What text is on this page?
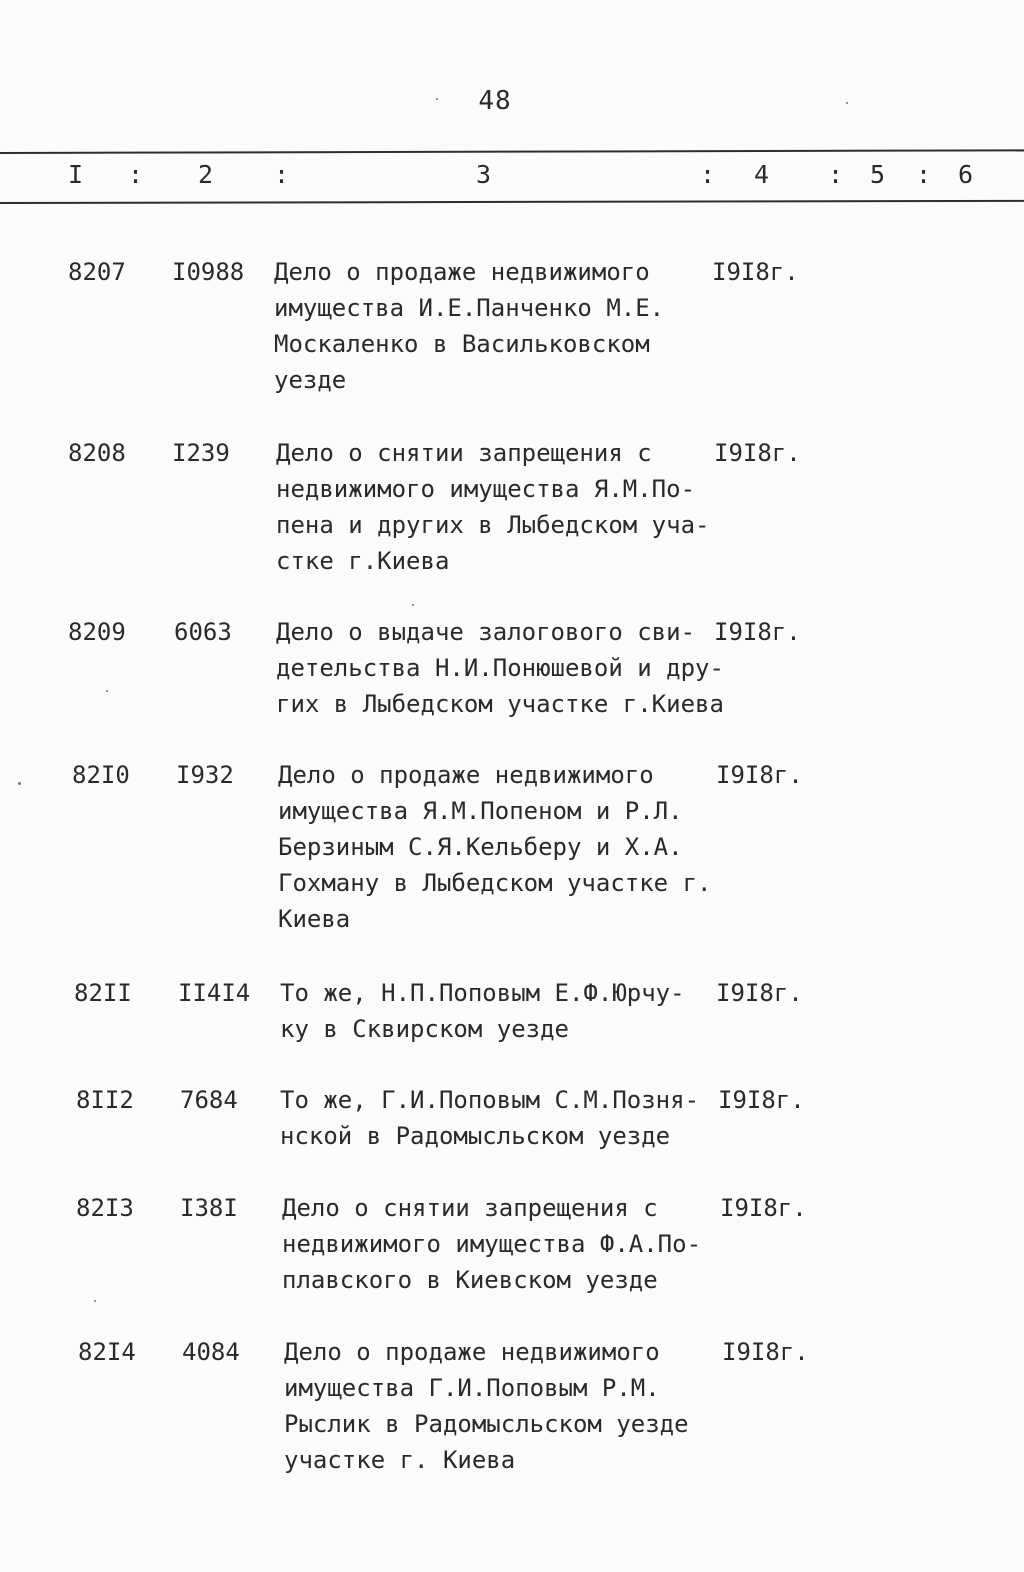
48
I : 2 :	3	: 4 : 5 : 6
8207 I0988 Дело о продаже недвижимого
имущества И.Е.Панченко М.Е.
Москаленко в Васильковском
уезде
I9I8г.
8208 I239 Дело о снятии запрещения с
недвижимого имущества Я.М.По-
пена и других в Лыбедском уча-
стке г.Киева
I9I8г.
8209 6063 Дело о выдаче залогового сви-
детельства Н.И.Понюшевой и дру-
гих в Лыбедском участке г.Киева
I9I8г.
82I0 I932 Дело о продаже недвижимого
имущества Я.М.Попеном и Р.Л.
Берзиным С.Я.Кельберу и Х.А.
Гохману в Лыбедском участке г.
Киева
I9I8г.
82II II4I4 То же, Н.П.Поповым Е.Ф.Юрчу-
ку в Сквирском уезде
I9I8г.
8II2 7684 То же, Г.И.Поповым С.М.Позня-
нской в Радомысльском уезде
I9I8г.
82I3 I38I Дело о снятии запрещения с
недвижимого имущества Ф.А.По-
плавского в Киевском уезде
I9I8г.
82I4 4084 Дело о продаже недвижимого
имущества Г.И.Поповым Р.М.
Рыслик в Радомысльском уезде
участке г. Киева
I9I8г.
